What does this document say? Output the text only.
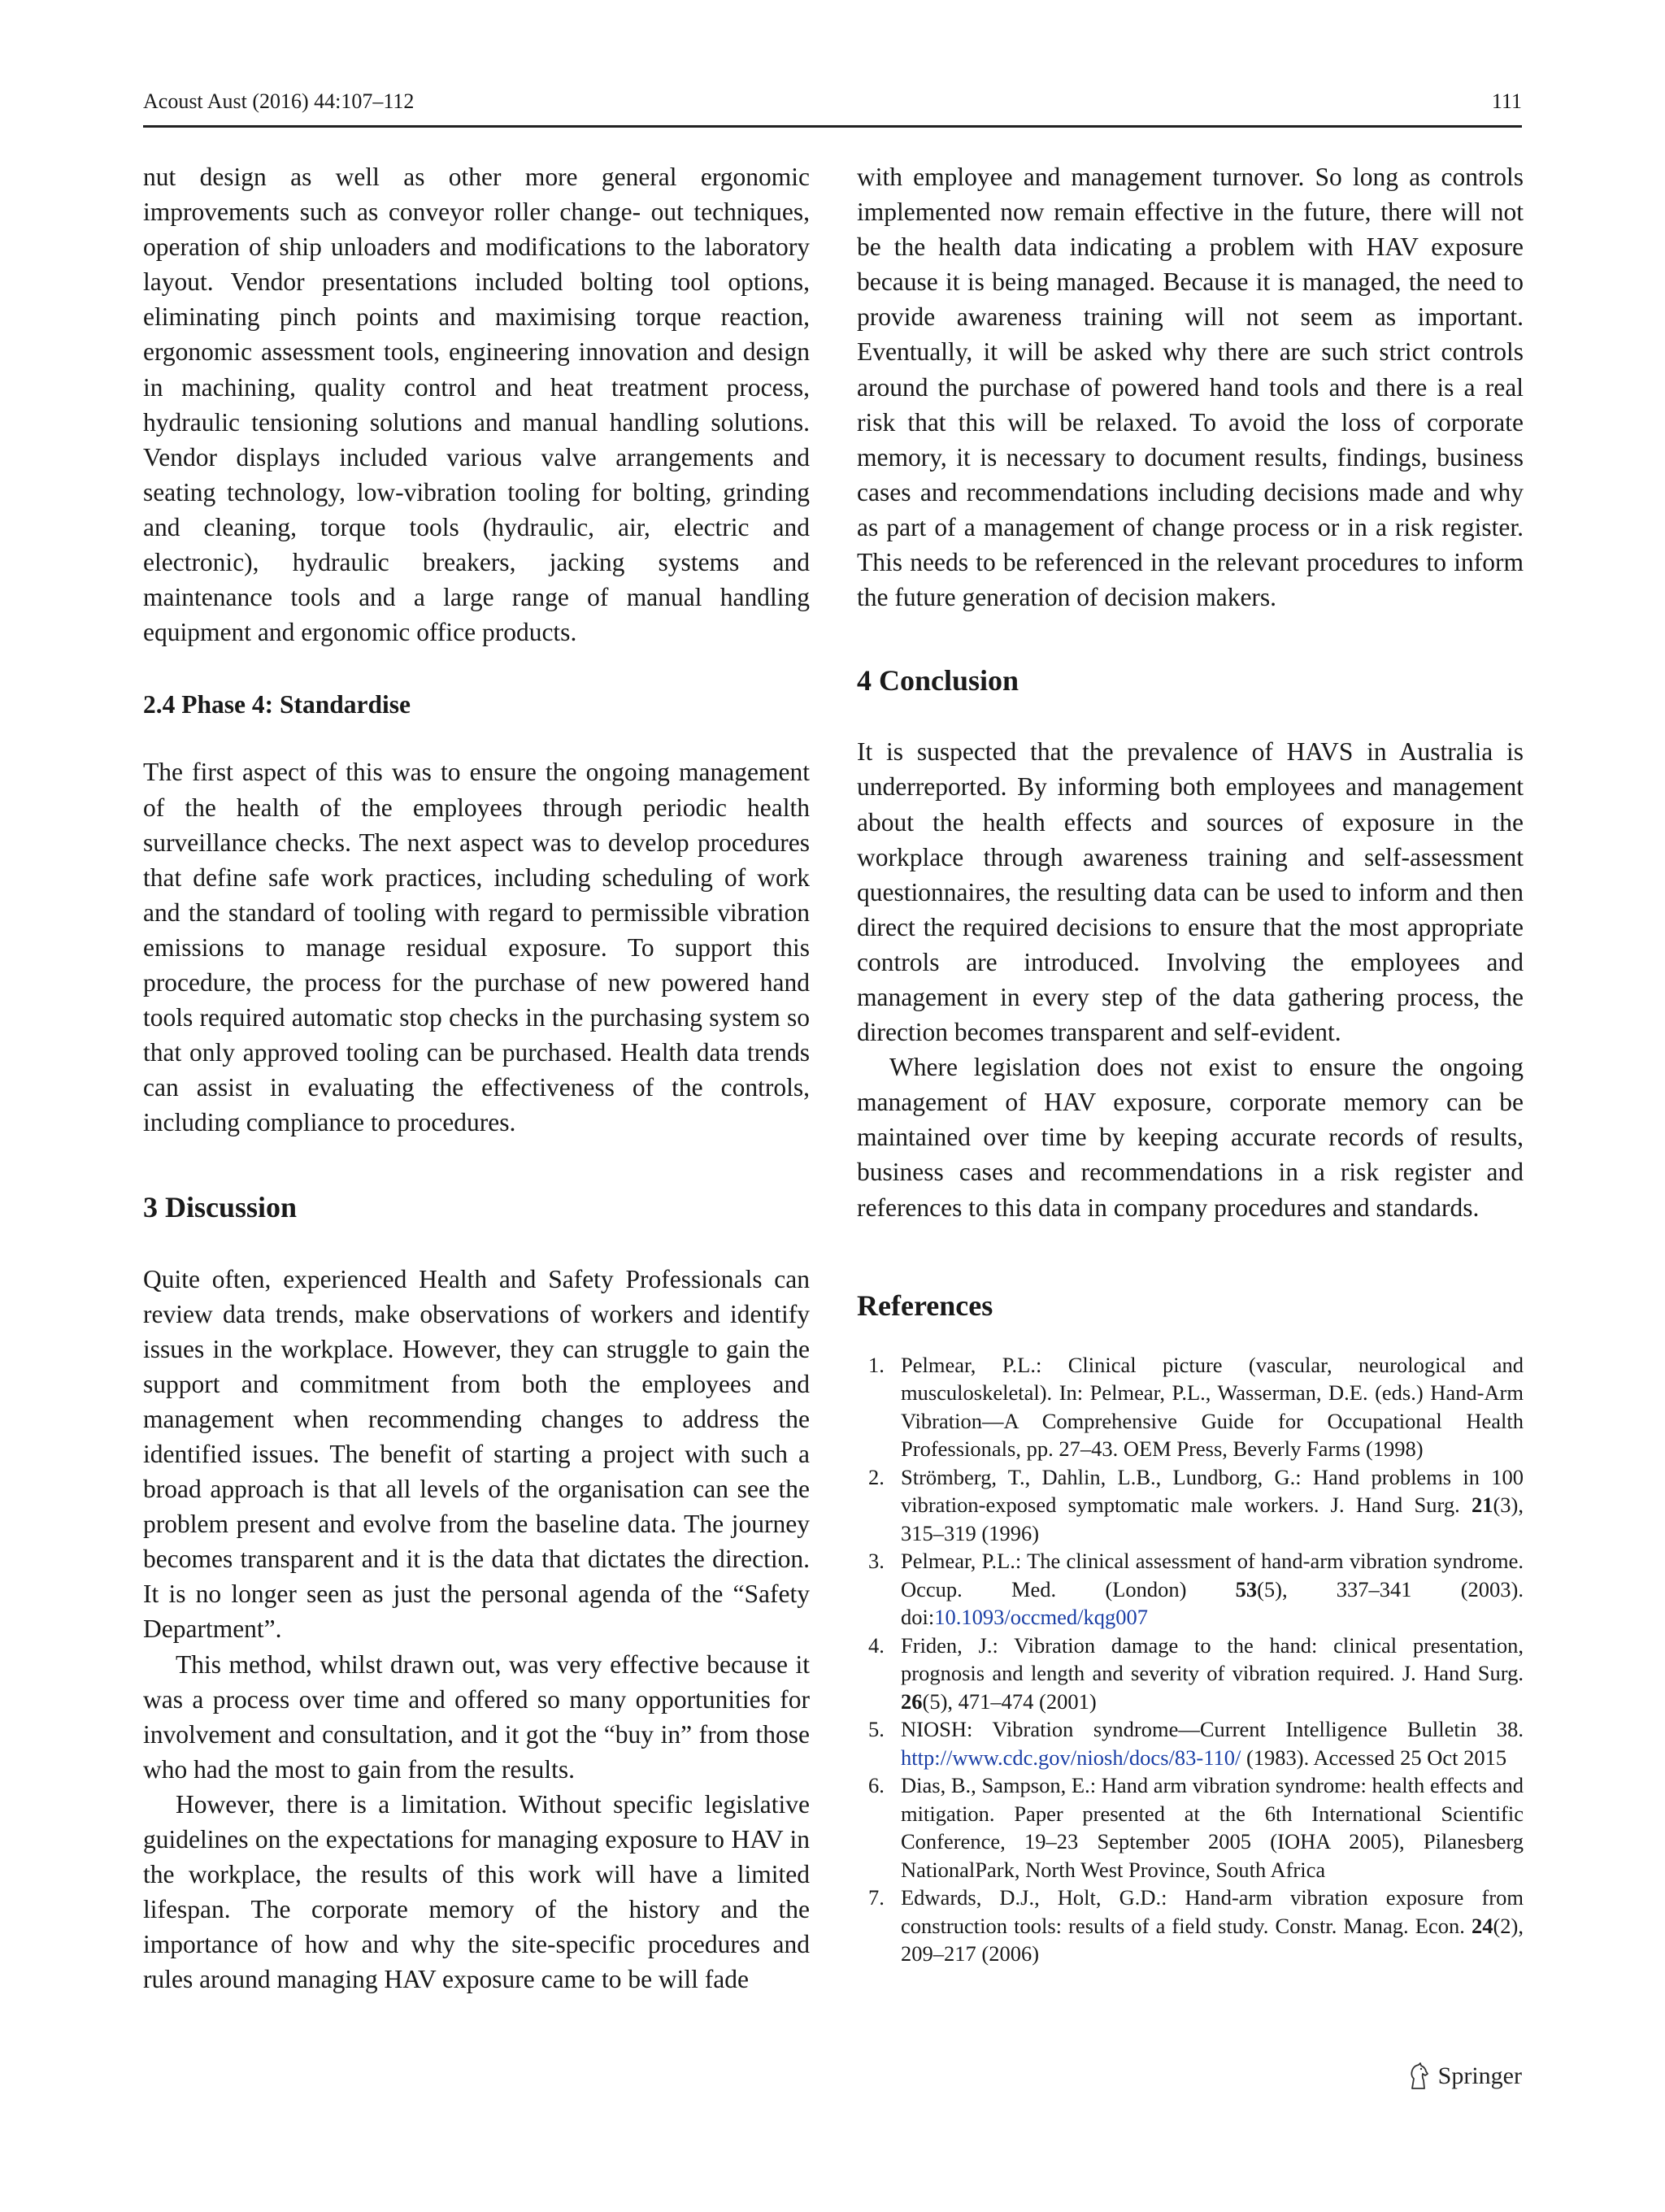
Acoust Aust (2016) 44:107–112	111

nut design as well as other more general ergonomic improvements such as conveyor roller change- out techniques, operation of ship unloaders and modifications to the laboratory layout. Vendor presentations included bolting tool options, eliminating pinch points and maximising torque reaction, ergonomic assessment tools, engineering innovation and design in machining, quality control and heat treatment process, hydraulic tensioning solutions and manual handling solutions. Vendor displays included various valve arrangements and seating technology, low-vibration tooling for bolting, grinding and cleaning, torque tools (hydraulic, air, electric and electronic), hydraulic breakers, jacking systems and maintenance tools and a large range of manual handling equipment and ergonomic office products.

2.4 Phase 4: Standardise

The first aspect of this was to ensure the ongoing management of the health of the employees through periodic health surveillance checks. The next aspect was to develop procedures that define safe work practices, including scheduling of work and the standard of tooling with regard to permissible vibration emissions to manage residual exposure. To support this procedure, the process for the purchase of new powered hand tools required automatic stop checks in the purchasing system so that only approved tooling can be purchased. Health data trends can assist in evaluating the effectiveness of the controls, including compliance to procedures.

3 Discussion

Quite often, experienced Health and Safety Professionals can review data trends, make observations of workers and identify issues in the workplace. However, they can struggle to gain the support and commitment from both the employees and management when recommending changes to address the identified issues. The benefit of starting a project with such a broad approach is that all levels of the organisation can see the problem present and evolve from the baseline data. The journey becomes transparent and it is the data that dictates the direction. It is no longer seen as just the personal agenda of the “Safety Department”.

This method, whilst drawn out, was very effective because it was a process over time and offered so many opportunities for involvement and consultation, and it got the “buy in” from those who had the most to gain from the results.

However, there is a limitation. Without specific legislative guidelines on the expectations for managing exposure to HAV in the workplace, the results of this work will have a limited lifespan. The corporate memory of the history and the importance of how and why the site-specific procedures and rules around managing HAV exposure came to be will fade

with employee and management turnover. So long as controls implemented now remain effective in the future, there will not be the health data indicating a problem with HAV exposure because it is being managed. Because it is managed, the need to provide awareness training will not seem as important. Eventually, it will be asked why there are such strict controls around the purchase of powered hand tools and there is a real risk that this will be relaxed. To avoid the loss of corporate memory, it is necessary to document results, findings, business cases and recommendations including decisions made and why as part of a management of change process or in a risk register. This needs to be referenced in the relevant procedures to inform the future generation of decision makers.

4 Conclusion

It is suspected that the prevalence of HAVS in Australia is underreported. By informing both employees and management about the health effects and sources of exposure in the workplace through awareness training and self-assessment questionnaires, the resulting data can be used to inform and then direct the required decisions to ensure that the most appropriate controls are introduced. Involving the employees and management in every step of the data gathering process, the direction becomes transparent and self-evident.

Where legislation does not exist to ensure the ongoing management of HAV exposure, corporate memory can be maintained over time by keeping accurate records of results, business cases and recommendations in a risk register and references to this data in company procedures and standards.

References
1. Pelmear, P.L.: Clinical picture (vascular, neurological and musculoskeletal). In: Pelmear, P.L., Wasserman, D.E. (eds.) Hand-Arm Vibration—A Comprehensive Guide for Occupational Health Professionals, pp. 27–43. OEM Press, Beverly Farms (1998)
2. Strömberg, T., Dahlin, L.B., Lundborg, G.: Hand problems in 100 vibration-exposed symptomatic male workers. J. Hand Surg. 21(3), 315–319 (1996)
3. Pelmear, P.L.: The clinical assessment of hand-arm vibration syndrome. Occup. Med. (London) 53(5), 337–341 (2003). doi:10.1093/occmed/kqg007
4. Friden, J.: Vibration damage to the hand: clinical presentation, prognosis and length and severity of vibration required. J. Hand Surg. 26(5), 471–474 (2001)
5. NIOSH: Vibration syndrome—Current Intelligence Bulletin 38. http://www.cdc.gov/niosh/docs/83-110/ (1983). Accessed 25 Oct 2015
6. Dias, B., Sampson, E.: Hand arm vibration syndrome: health effects and mitigation. Paper presented at the 6th International Scientific Conference, 19–23 September 2005 (IOHA 2005), Pilanesberg NationalPark, North West Province, South Africa
7. Edwards, D.J., Holt, G.D.: Hand-arm vibration exposure from construction tools: results of a field study. Constr. Manag. Econ. 24(2), 209–217 (2006)
Springer
